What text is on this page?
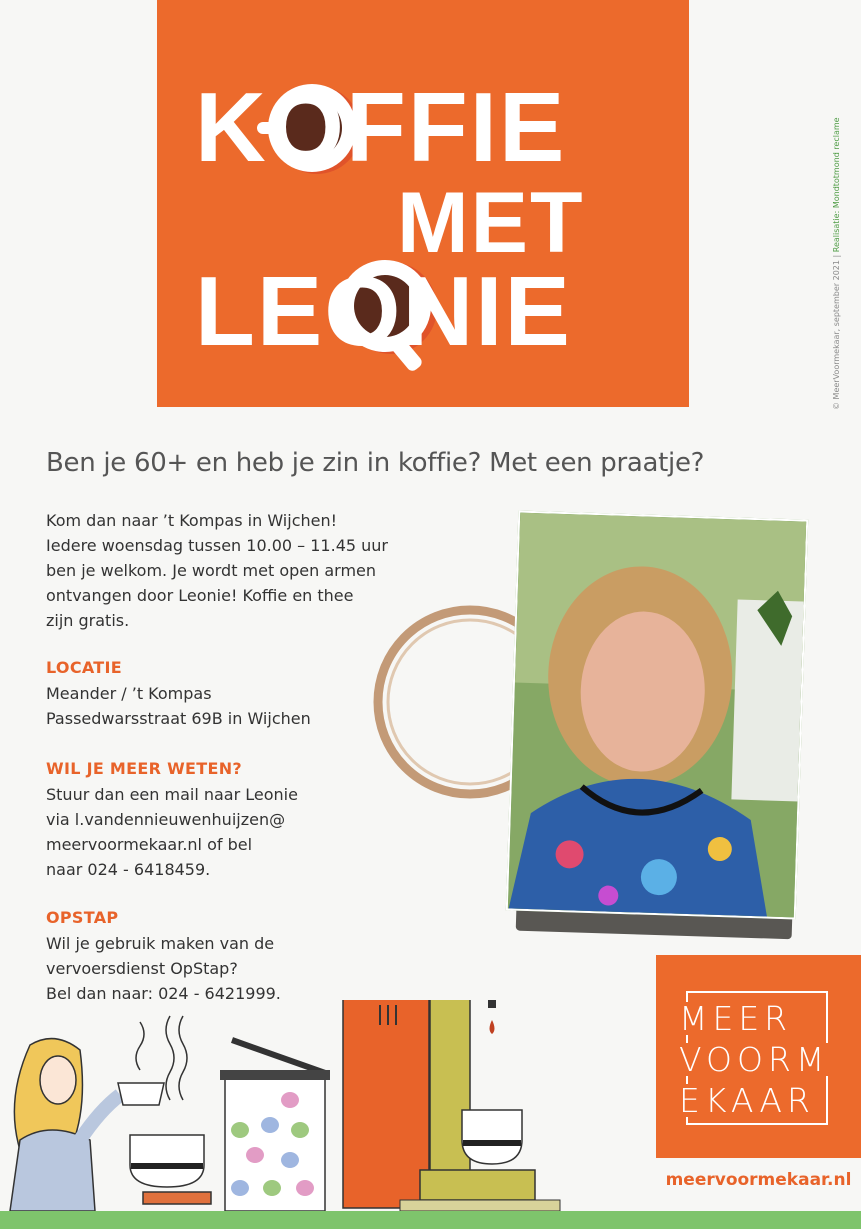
KOFFIE
MET
LEONIE	© MeerVoormekaar, september 2021 | Realisatie: Mondtotmond reclame
Ben je 60+ en heb je zin in koffie? Met een praatje?
Kom dan naar ’t Kompas in Wijchen!
Iedere woensdag tussen 10.00 – 11.45 uur
ben je welkom. Je wordt met open armen
ontvangen door Leonie! Koffie en thee
zijn gratis.
LOCATIE
Meander / ’t Kompas
Passedwarsstraat 69B in Wijchen
WIL JE MEER WETEN?
Stuur dan een mail naar Leonie
via l.vandennieuwenhuijzen@
meervoormekaar.nl of bel
naar 024 - 6418459.
OPSTAP
Wil je gebruik maken van de
vervoersdienst OpStap?
Bel dan naar: 024 - 6421999.
MEER
VOORM
EKAAR
meervoormekaar.nl
